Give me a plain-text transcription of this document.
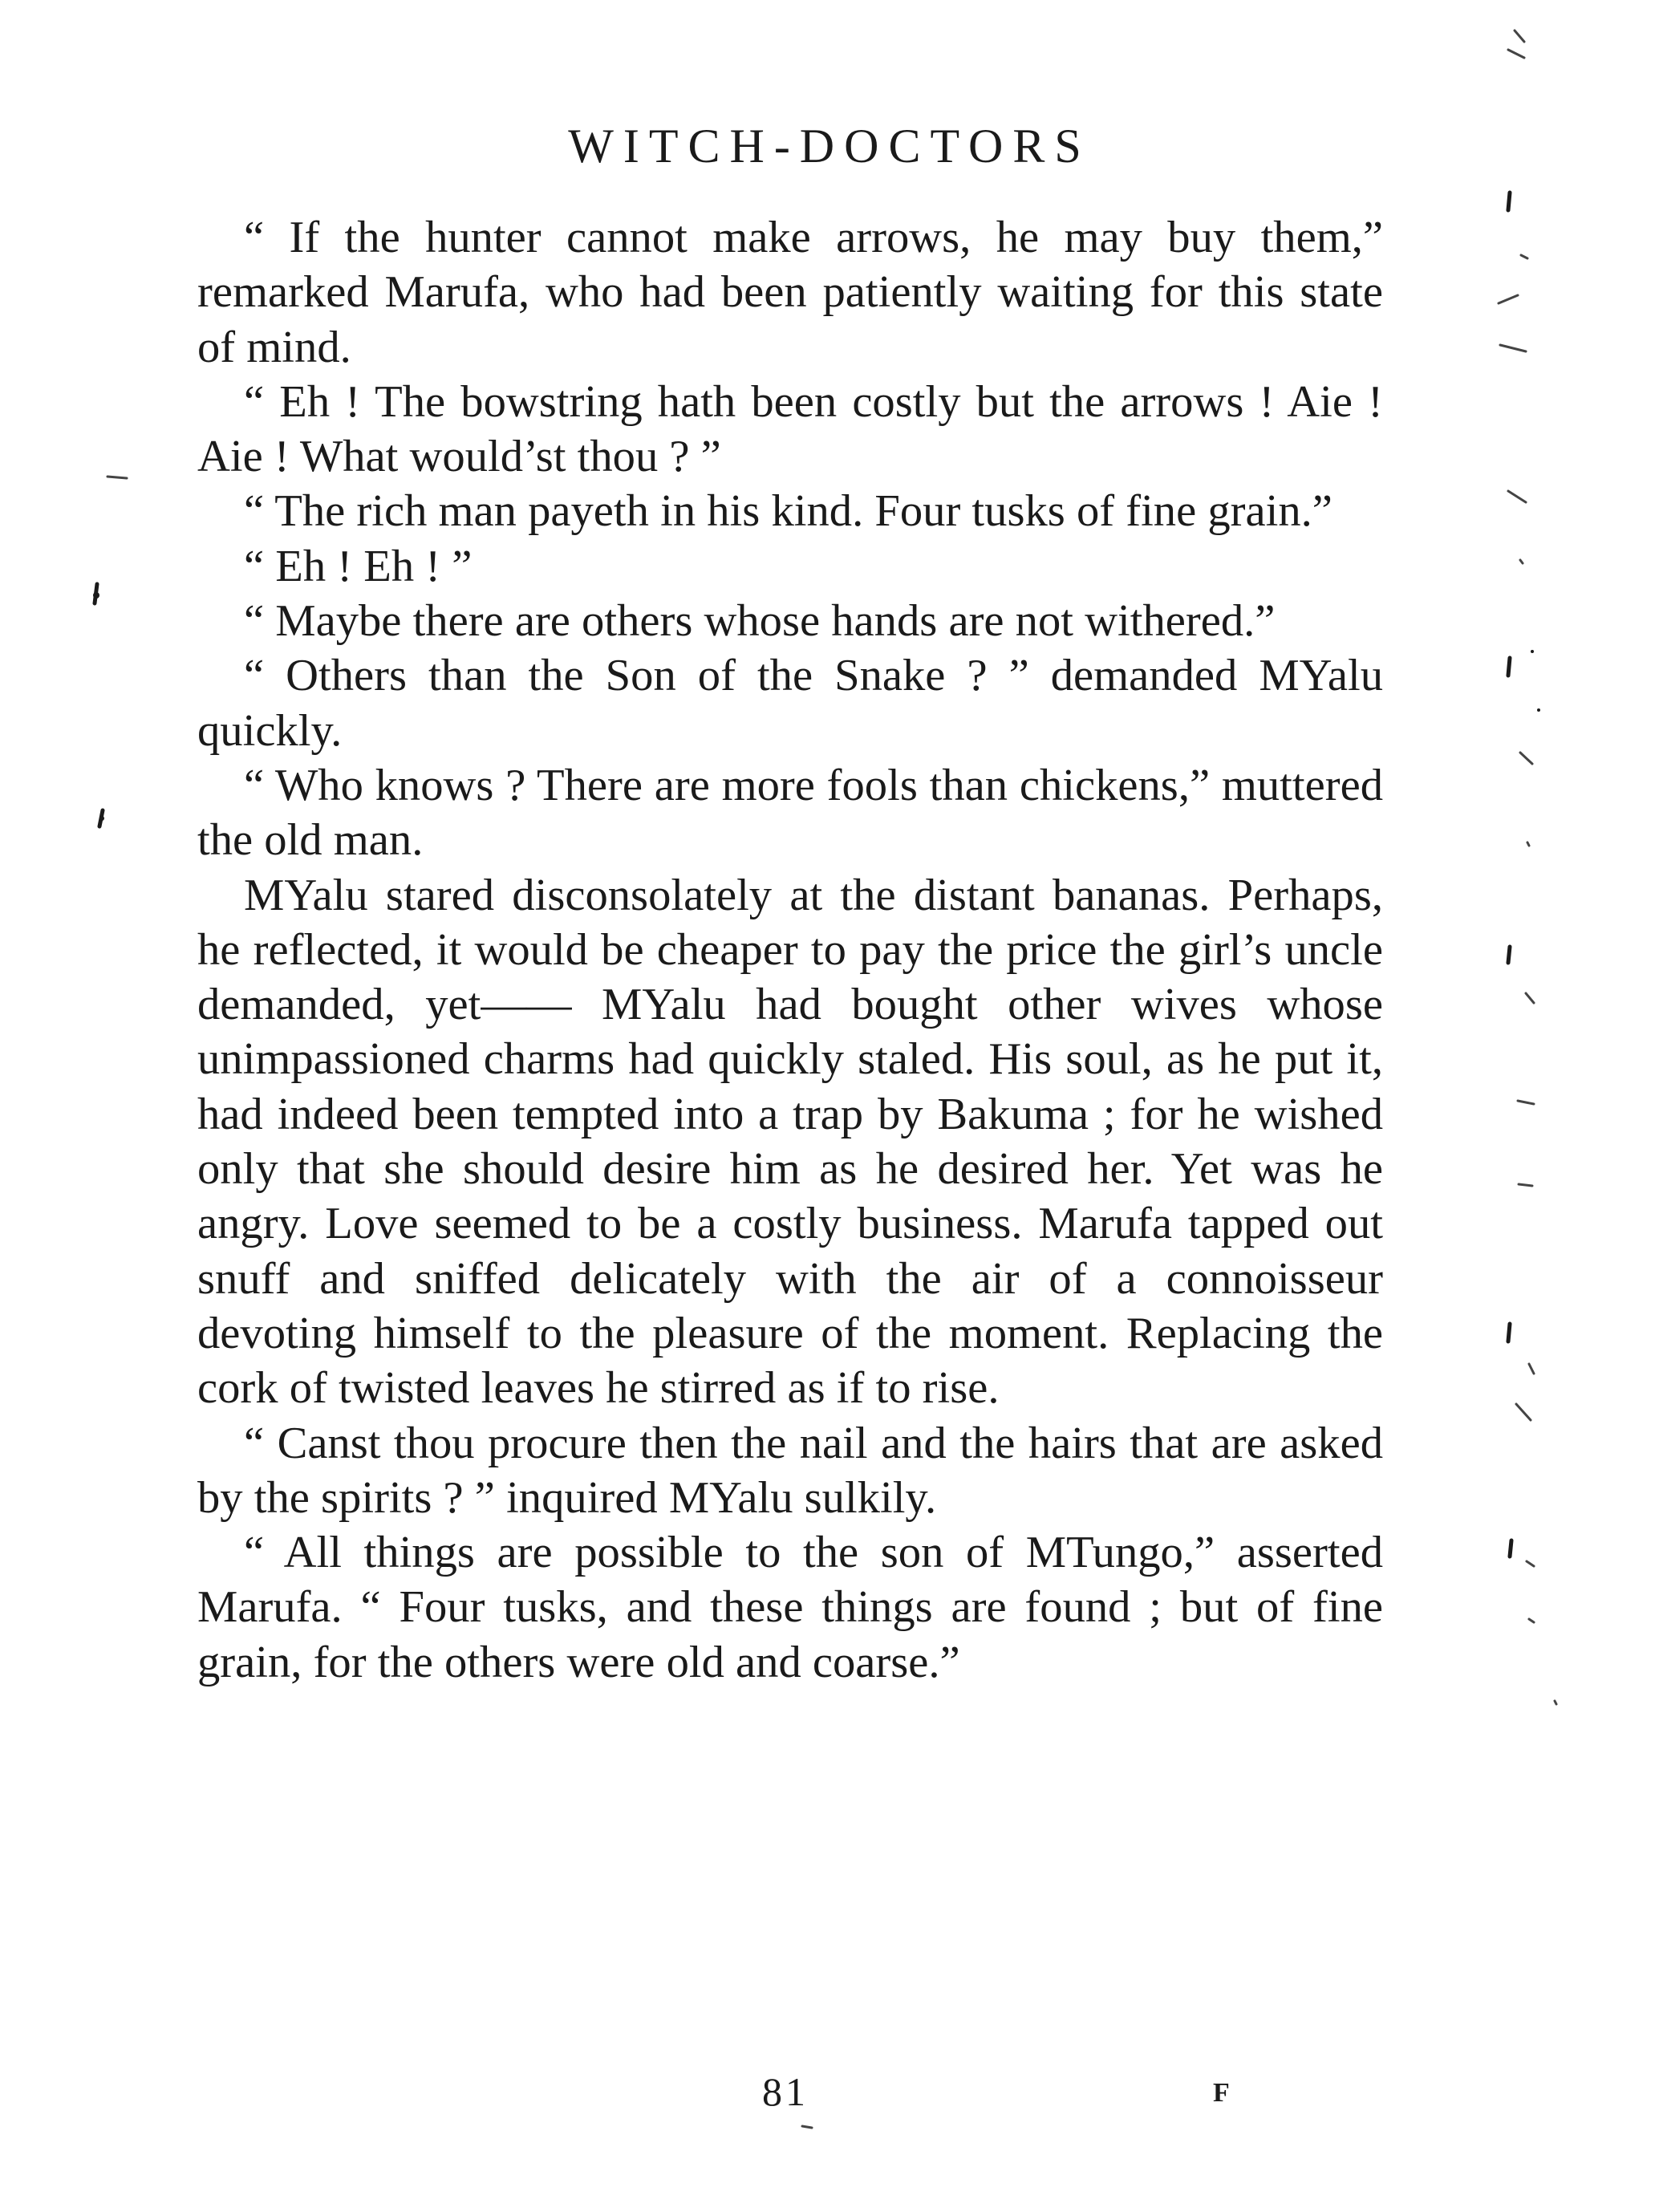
WITCH-DOCTORS

“ If the hunter cannot make arrows, he may buy them,” remarked Marufa, who had been patiently waiting for this state of mind.

“ Eh ! The bowstring hath been costly but the arrows ! Aie ! Aie ! What would’st thou ? ”

“ The rich man payeth in his kind. Four tusks of fine grain.”

“ Eh ! Eh ! ”

“ Maybe there are others whose hands are not withered.”

“ Others than the Son of the Snake ? ” demanded MYalu quickly.

“ Who knows ? There are more fools than chickens,” muttered the old man.

MYalu stared disconsolately at the distant bananas. Perhaps, he reflected, it would be cheaper to pay the price the girl’s uncle demanded, yet—— MYalu had bought other wives whose unimpassioned charms had quickly staled. His soul, as he put it, had indeed been tempted into a trap by Bakuma ; for he wished only that she should desire him as he desired her. Yet was he angry. Love seemed to be a costly business. Marufa tapped out snuff and sniffed delicately with the air of a connoisseur devoting himself to the pleasure of the moment. Replacing the cork of twisted leaves he stirred as if to rise.

“ Canst thou procure then the nail and the hairs that are asked by the spirits ? ” inquired MYalu sulkily.

“ All things are possible to the son of MTungo,” asserted Marufa. “ Four tusks, and these things are found ; but of fine grain, for the others were old and coarse.”

81	F
